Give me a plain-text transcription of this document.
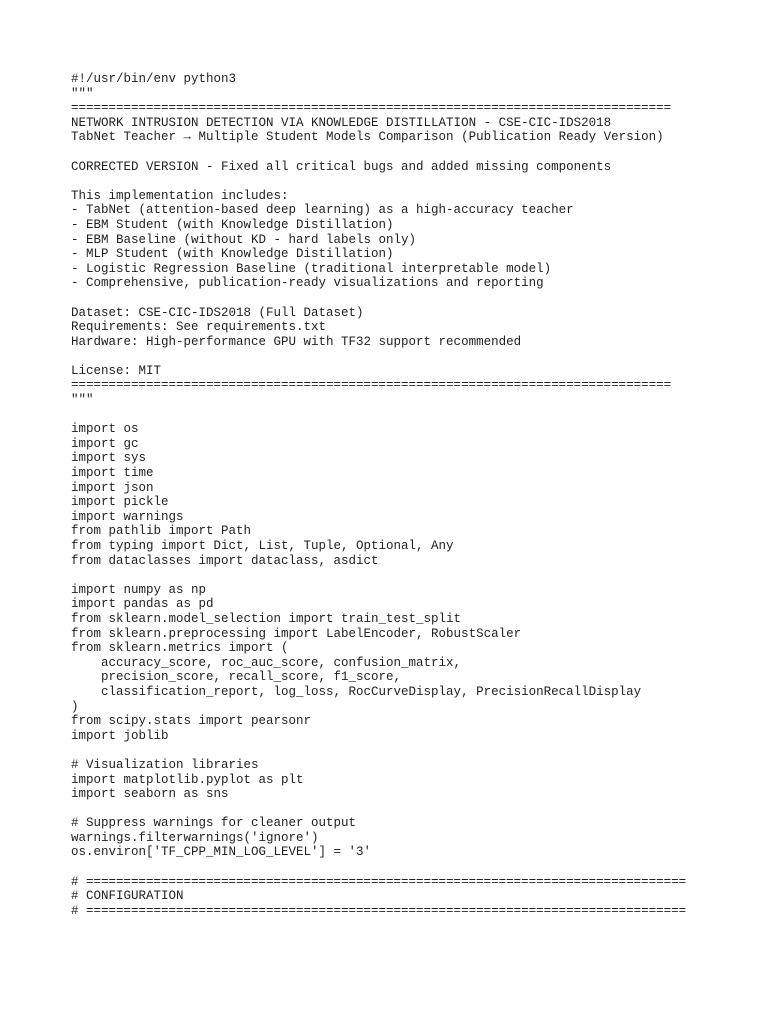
#!/usr/bin/env python3
"""
================================================================================
NETWORK INTRUSION DETECTION VIA KNOWLEDGE DISTILLATION - CSE-CIC-IDS2018
TabNet Teacher → Multiple Student Models Comparison (Publication Ready Version)
CORRECTED VERSION - Fixed all critical bugs and added missing components
This implementation includes:
- TabNet (attention-based deep learning) as a high-accuracy teacher
- EBM Student (with Knowledge Distillation)
- EBM Baseline (without KD - hard labels only)
- MLP Student (with Knowledge Distillation)
- Logistic Regression Baseline (traditional interpretable model)
- Comprehensive, publication-ready visualizations and reporting
Dataset: CSE-CIC-IDS2018 (Full Dataset)
Requirements: See requirements.txt
Hardware: High-performance GPU with TF32 support recommended
License: MIT
================================================================================
"""
import os
import gc
import sys
import time
import json
import pickle
import warnings
from pathlib import Path
from typing import Dict, List, Tuple, Optional, Any
from dataclasses import dataclass, asdict
import numpy as np
import pandas as pd
from sklearn.model_selection import train_test_split
from sklearn.preprocessing import LabelEncoder, RobustScaler
from sklearn.metrics import (
accuracy_score, roc_auc_score, confusion_matrix,
precision_score, recall_score, f1_score,
classification_report, log_loss, RocCurveDisplay, PrecisionRecallDisplay
)
from scipy.stats import pearsonr
import joblib
# Visualization libraries
import matplotlib.pyplot as plt
import seaborn as sns
# Suppress warnings for cleaner output
warnings.filterwarnings('ignore')
os.environ['TF_CPP_MIN_LOG_LEVEL'] = '3'
# ================================================================================
# CONFIGURATION
# ================================================================================
